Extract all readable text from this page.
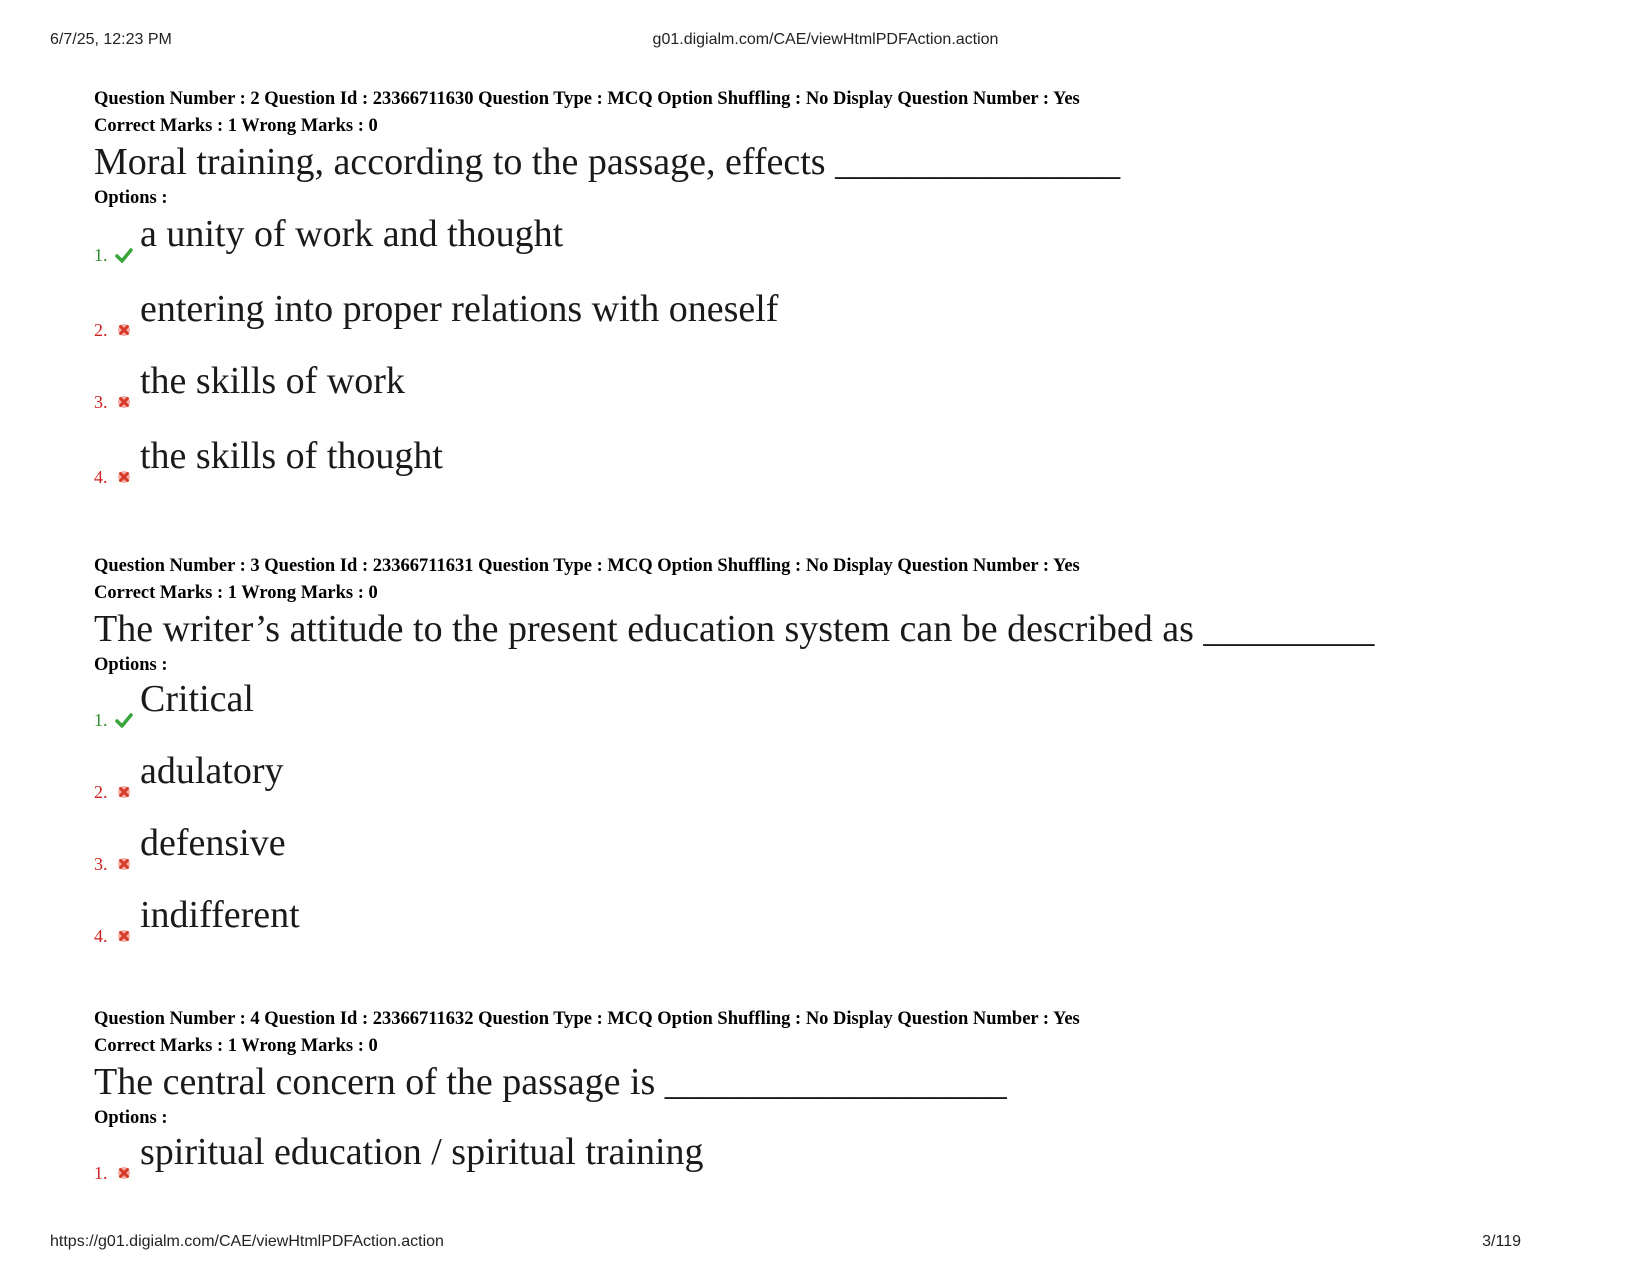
6/7/25, 12:23 PM	g01.digialm.com/CAE/viewHtmlPDFAction.action
Question Number : 2 Question Id : 23366711630 Question Type : MCQ Option Shuffling : No Display Question Number : Yes
Correct Marks : 1 Wrong Marks : 0
Moral training, according to the passage, effects _______________
Options :
1. a unity of work and thought
2. entering into proper relations with oneself
3. the skills of work
4. the skills of thought
Question Number : 3 Question Id : 23366711631 Question Type : MCQ Option Shuffling : No Display Question Number : Yes
Correct Marks : 1 Wrong Marks : 0
The writer’s attitude to the present education system can be described as _________
Options :
1. Critical
2. adulatory
3. defensive
4. indifferent
Question Number : 4 Question Id : 23366711632 Question Type : MCQ Option Shuffling : No Display Question Number : Yes
Correct Marks : 1 Wrong Marks : 0
The central concern of the passage is __________________
Options :
1. spiritual education / spiritual training
https://g01.digialm.com/CAE/viewHtmlPDFAction.action	3/119
